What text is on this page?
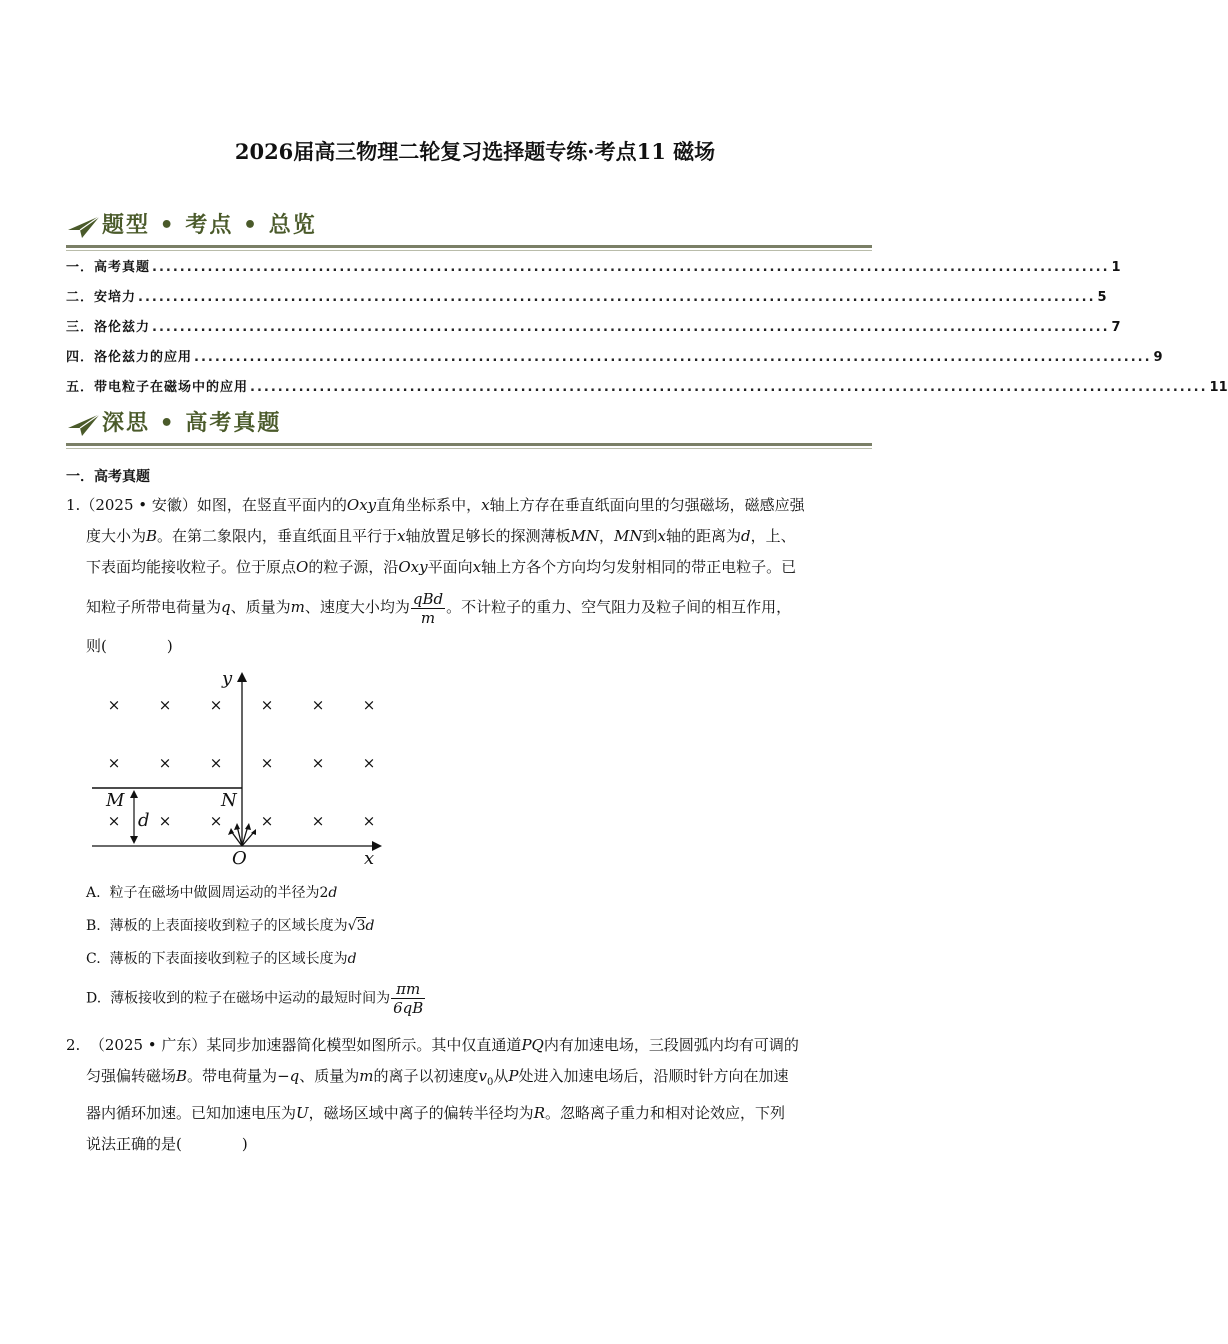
2026届高三物理二轮复习选择题专练·考点11 磁场
题型 • 考点 • 总览
一．高考真题 .......................................................................................................................................... 1
二．安培力 .......................................................................................................................................... 5
三．洛伦兹力 .......................................................................................................................................... 7
四．洛伦兹力的应用 .......................................................................................................................................... 9
五．带电粒子在磁场中的应用 .......................................................................................................................................... 11
深思 • 高考真题
一．高考真题
1.（2025 • 安徽）如图，在竖直平面内的Oxy直角坐标系中，x轴上方存在垂直纸面向里的匀强磁场，磁感应强
度大小为B。在第二象限内，垂直纸面且平行于x轴放置足够长的探测薄板MN，MN到x轴的距离为d，上、
下表面均能接收粒子。位于原点O的粒子源，沿Oxy平面向x轴上方各个方向均匀发射相同的带正电粒子。已
知粒子所带电荷量为q、质量为m、速度大小均为 $\frac{\text{qBd}}{m}$ 。不计粒子的重力、空气阻力及粒子间的相互作用，
则(　　　　)
×	×	×	×	×	×
×	×	×	×	×	×
×	×	×	×	×	×
y
x
O
M	N
d
A. 粒子在磁场中做圆周运动的半径为2d
B. 薄板的上表面接收到粒子的区域长度为√3d
C. 薄板的下表面接收到粒子的区域长度为d
D. 薄板接收到的粒子在磁场中运动的最短时间为 $\frac{\pi m}{6qB}$
2. （2025 • 广东）某同步加速器简化模型如图所示。其中仅直通道PQ内有加速电场，三段圆弧内均有可调的
匀强偏转磁场B。带电荷量为−q、质量为m的离子以初速度$v_0$从P处进入加速电场后，沿顺时针方向在加速
器内循环加速。已知加速电压为U，磁场区域中离子的偏转半径均为R。忽略离子重力和相对论效应，下列
说法正确的是(　　　　)
